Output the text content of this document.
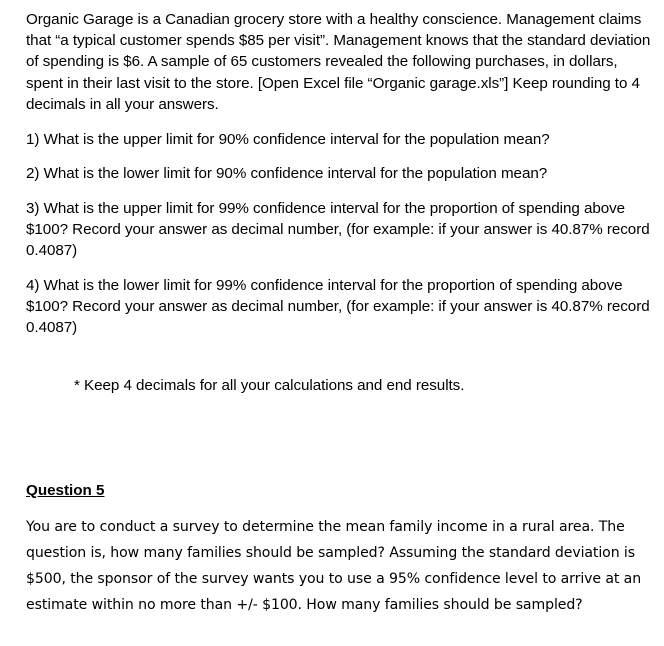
Organic Garage is a Canadian grocery store with a healthy conscience. Management claims that “a typical customer spends $85 per visit”. Management knows that the standard deviation of spending is $6. A sample of 65 customers revealed the following purchases, in dollars, spent in their last visit to the store. [Open Excel file “Organic garage.xls”] Keep rounding to 4 decimals in all your answers.

1) What is the upper limit for 90% confidence interval for the population mean?

2) What is the lower limit for 90% confidence interval for the population mean?

3) What is the upper limit for 99% confidence interval for the proportion of spending above $100? Record your answer as decimal number, (for example: if your answer is 40.87% record 0.4087)

4) What is the lower limit for 99% confidence interval for the proportion of spending above $100? Record your answer as decimal number, (for example: if your answer is 40.87% record 0.4087)

* Keep 4 decimals for all your calculations and end results.

Question 5

You are to conduct a survey to determine the mean family income in a rural area. The question is, how many families should be sampled? Assuming the standard deviation is $500, the sponsor of the survey wants you to use a 95% confidence level to arrive at an estimate within no more than +/- $100. How many families should be sampled?
